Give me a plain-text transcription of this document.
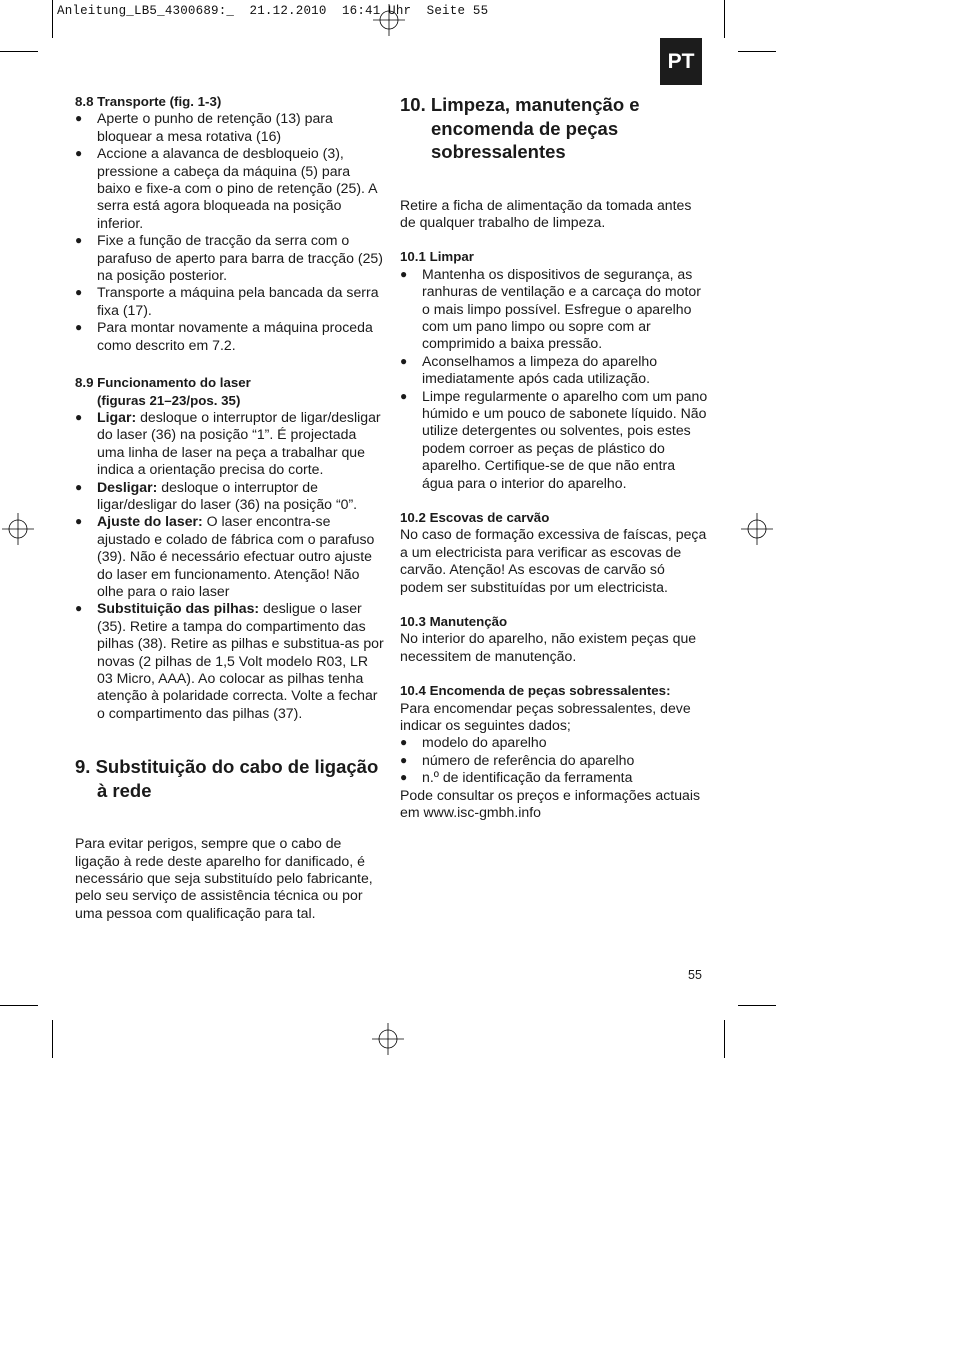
Anleitung_LB5_4300689:_  21.12.2010  16:41 Uhr  Seite 55
PT

8.8 Transporte (fig. 1-3)

● Aperte o punho de retenção (13) para bloquear a mesa rotativa (16)
● Accione a alavanca de desbloqueio (3), pressione a cabeça da máquina (5) para baixo e fixe-a com o pino de retenção (25). A serra está agora bloqueada na posição inferior.
● Fixe a função de tracção da serra com o parafuso de aperto para barra de tracção (25) na posição posterior.
● Transporte a máquina pela bancada da serra fixa (17).
● Para montar novamente a máquina proceda como descrito em 7.2.

8.9 Funcionamento do laser

(figuras 21–23/pos. 35)

● Ligar: desloque o interruptor de ligar/desligar do laser (36) na posição “1”. É projectada uma linha de laser na peça a trabalhar que indica a orientação precisa do corte.
● Desligar: desloque o interruptor de ligar/desligar do laser (36) na posição “0”.
● Ajuste do laser: O laser encontra-se ajustado e colado de fábrica com o parafuso (39). Não é necessário efectuar outro ajuste do laser em funcionamento. Atenção! Não olhe para o raio laser
● Substituição das pilhas: desligue o laser (35). Retire a tampa do compartimento das pilhas (38). Retire as pilhas e substitua-as por novas (2 pilhas de 1,5 Volt modelo R03, LR 03 Micro, AAA). Ao colocar as pilhas tenha atenção à polaridade correcta. Volte a fechar o compartimento das pilhas (37).
9. Substituição do cabo de ligação à rede

Para evitar perigos, sempre que o cabo de ligação à rede deste aparelho for danificado, é necessário que seja substituído pelo fabricante, pelo seu serviço de assistência técnica ou por uma pessoa com qualificação para tal.

10. Limpeza, manutenção e encomenda de peças sobressalentes

Retire a ficha de alimentação da tomada antes de qualquer trabalho de limpeza.

10.1 Limpar

● Mantenha os dispositivos de segurança, as ranhuras de ventilação e a carcaça do motor o mais limpo possível. Esfregue o aparelho com um pano limpo ou sopre com ar comprimido a baixa pressão.
● Aconselhamos a limpeza do aparelho imediatamente após cada utilização.
● Limpe regularmente o aparelho com um pano húmido e um pouco de sabonete líquido. Não utilize detergentes ou solventes, pois estes podem corroer as peças de plástico do aparelho. Certifique-se de que não entra água para o interior do aparelho.

10.2 Escovas de carvão

No caso de formação excessiva de faíscas, peça a um electricista para verificar as escovas de carvão. Atenção! As escovas de carvão só podem ser substituídas por um electricista.

10.3 Manutenção

No interior do aparelho, não existem peças que necessitem de manutenção.

10.4 Encomenda de peças sobressalentes:

Para encomendar peças sobressalentes, deve indicar os seguintes dados;

● modelo do aparelho
● número de referência do aparelho
● n.º de identificação da ferramenta

Pode consultar os preços e informações actuais em www.isc-gmbh.info

55
